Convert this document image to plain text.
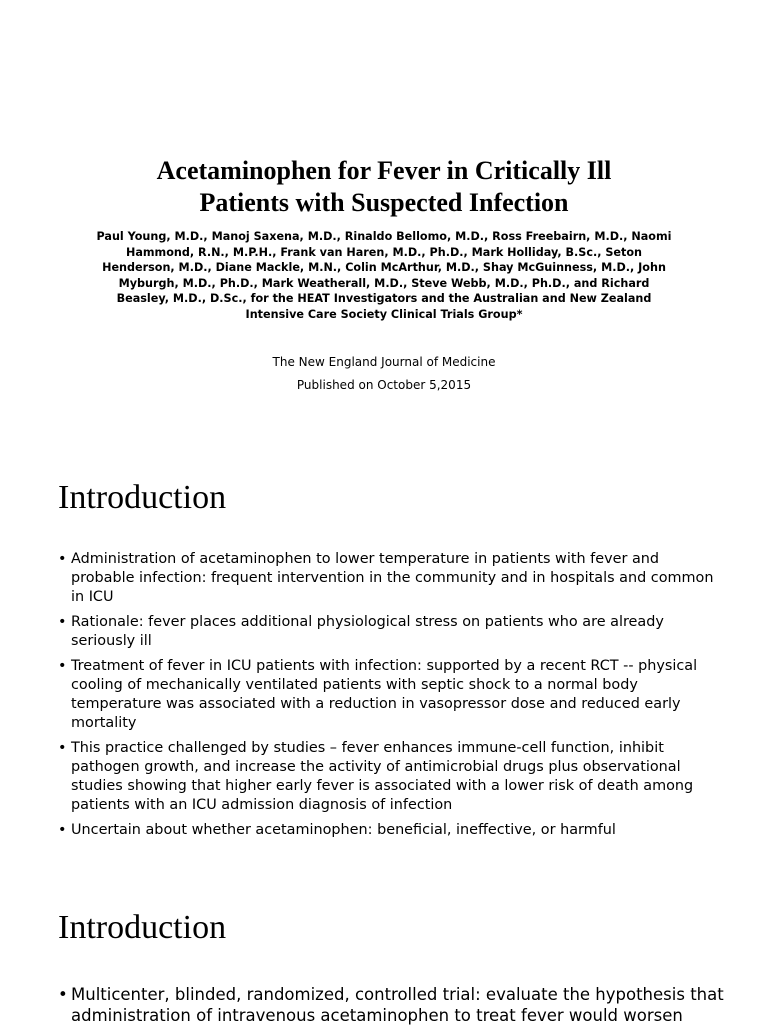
Acetaminophen for Fever in Critically Ill
Patients with Suspected Infection

Paul Young, M.D., Manoj Saxena, M.D., Rinaldo Bellomo, M.D., Ross Freebairn, M.D., Naomi Hammond, R.N., M.P.H., Frank van Haren, M.D., Ph.D., Mark Holliday, B.Sc., Seton Henderson, M.D., Diane Mackle, M.N., Colin McArthur, M.D., Shay McGuinness, M.D., John Myburgh, M.D., Ph.D., Mark Weatherall, M.D., Steve Webb, M.D., Ph.D., and Richard Beasley, M.D., D.Sc., for the HEAT Investigators and the Australian and New Zealand Intensive Care Society Clinical Trials Group*

The New England Journal of Medicine

Published on October 5,2015

Introduction
• Administration of acetaminophen to lower temperature in patients with fever and probable infection: frequent intervention in the community and in hospitals and common in ICU
• Rationale: fever places additional physiological stress on patients who are already seriously ill
• Treatment of fever in ICU patients with infection: supported by a recent RCT -- physical cooling of mechanically ventilated patients with septic shock to a normal body temperature was associated with a reduction in vasopressor dose and reduced early mortality
• This practice challenged by studies – fever enhances immune-cell function, inhibit pathogen growth, and increase the activity of antimicrobial drugs plus observational studies showing that higher early fever is associated with a lower risk of death among patients with an ICU admission diagnosis of infection
• Uncertain about whether acetaminophen: beneficial, ineffective, or harmful
Introduction
• Multicenter, blinded, randomized, controlled trial: evaluate the hypothesis that administration of intravenous acetaminophen to treat fever would worsen
